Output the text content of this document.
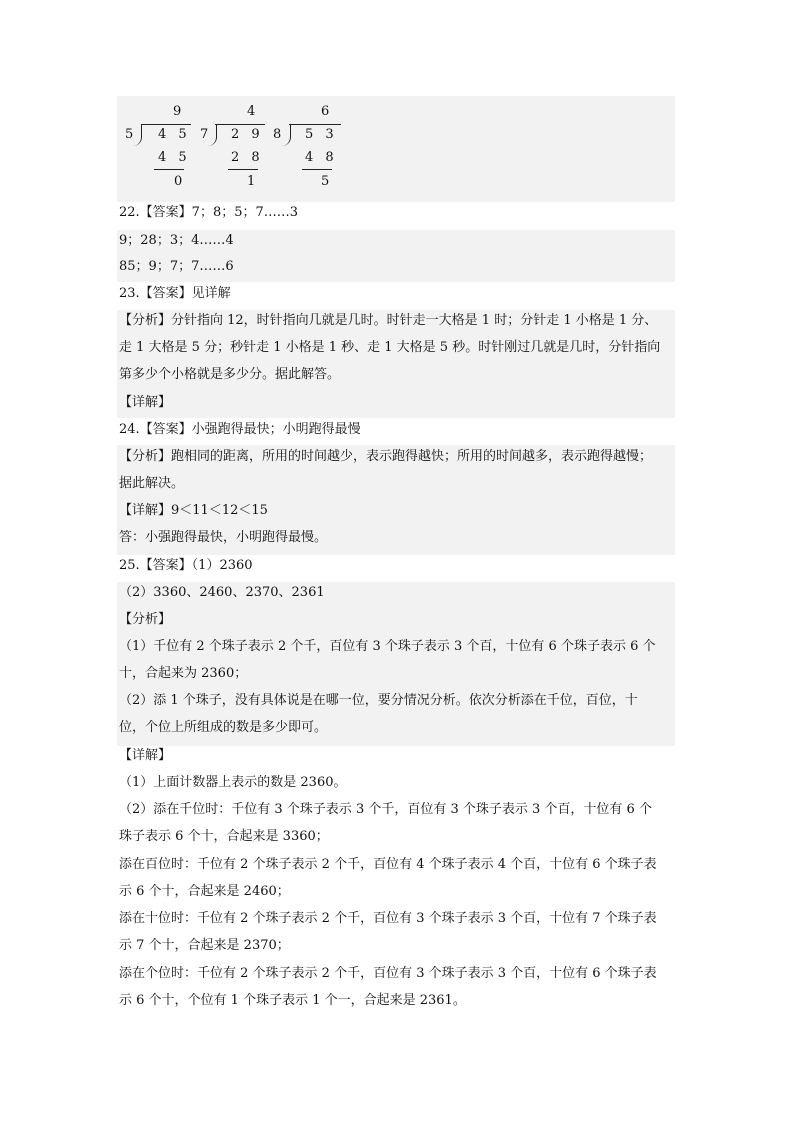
9
5 4 5
4 5
0
4
7 2 9
2 8
1
6
8 5 3
4 8
5
22.【答案】7；8；5；7……3
9；28；3；4……4
85；9；7；7……6
23.【答案】见详解
【分析】分针指向 12，时针指向几就是几时。时针走一大格是 1 时；分针走 1 小格是 1 分、
走 1 大格是 5 分；秒针走 1 小格是 1 秒、走 1 大格是 5 秒。时针刚过几就是几时，分针指向
第多少个小格就是多少分。据此解答。
【详解】
24.【答案】小强跑得最快；小明跑得最慢
【分析】跑相同的距离，所用的时间越少，表示跑得越快；所用的时间越多，表示跑得越慢；
据此解决。
【详解】9＜11＜12＜15
答：小强跑得最快，小明跑得最慢。
25.【答案】（1）2360
（2）3360、2460、2370、2361
【分析】
（1）千位有 2 个珠子表示 2 个千，百位有 3 个珠子表示 3 个百，十位有 6 个珠子表示 6 个
十，合起来为 2360；
（2）添 1 个珠子，没有具体说是在哪一位，要分情况分析。依次分析添在千位，百位，十
位，个位上所组成的数是多少即可。
【详解】
（1）上面计数器上表示的数是 2360。
（2）添在千位时：千位有 3 个珠子表示 3 个千，百位有 3 个珠子表示 3 个百，十位有 6 个
珠子表示 6 个十，合起来是 3360；
添在百位时：千位有 2 个珠子表示 2 个千，百位有 4 个珠子表示 4 个百，十位有 6 个珠子表
示 6 个十，合起来是 2460；
添在十位时：千位有 2 个珠子表示 2 个千，百位有 3 个珠子表示 3 个百，十位有 7 个珠子表
示 7 个十，合起来是 2370；
添在个位时：千位有 2 个珠子表示 2 个千，百位有 3 个珠子表示 3 个百，十位有 6 个珠子表
示 6 个十，个位有 1 个珠子表示 1 个一，合起来是 2361。
